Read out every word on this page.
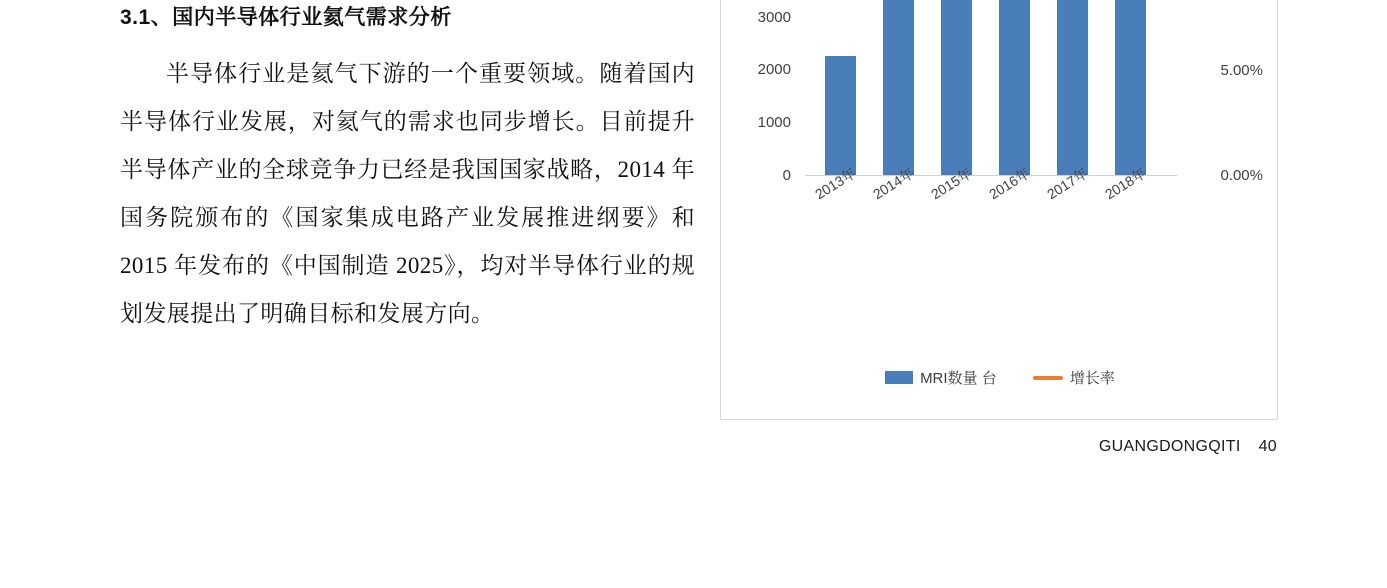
3.1、国内半导体行业氦气需求分析

半导体行业是氦气下游的一个重要领域。随着国内半导体行业发展，对氦气的需求也同步增长。目前提升半导体产业的全球竞争力已经是我国国家战略，2014 年国务院颁布的《国家集成电路产业发展推进纲要》和 2015 年发布的《中国制造 2025》，均对半导体行业的规划发展提出了明确目标和发展方向。

0
1000
2000
3000
0.00%
5.00%
2013年 2014年 2015年 2016年 2017年 2018年
MRI数量 台	增长率
GUANGDONGQITI 40
